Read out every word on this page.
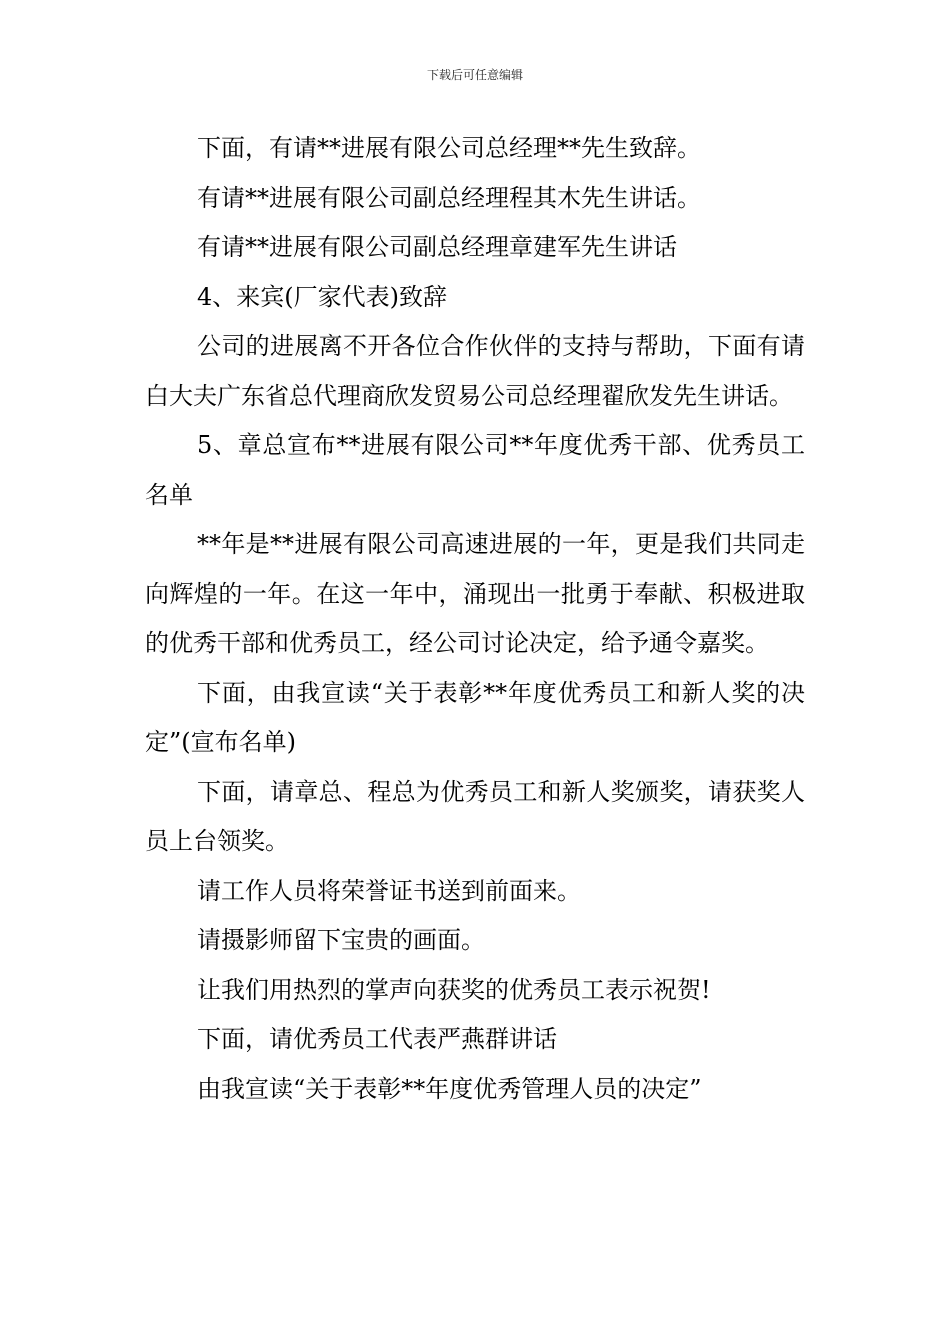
下载后可任意编辑

下面，有请**进展有限公司总经理**先生致辞。

有请**进展有限公司副总经理程其木先生讲话。

有请**进展有限公司副总经理章建军先生讲话

4、来宾(厂家代表)致辞

公司的进展离不开各位合作伙伴的支持与帮助，下面有请白大夫广东省总代理商欣发贸易公司总经理翟欣发先生讲话。

5、章总宣布**进展有限公司**年度优秀干部、优秀员工名单

**年是**进展有限公司高速进展的一年，更是我们共同走向辉煌的一年。在这一年中，涌现出一批勇于奉献、积极进取的优秀干部和优秀员工，经公司讨论决定，给予通令嘉奖。

下面，由我宣读“关于表彰**年度优秀员工和新人奖的决定”(宣布名单)

下面，请章总、程总为优秀员工和新人奖颁奖，请获奖人员上台领奖。

请工作人员将荣誉证书送到前面来。

请摄影师留下宝贵的画面。

让我们用热烈的掌声向获奖的优秀员工表示祝贺!

下面，请优秀员工代表严燕群讲话

由我宣读“关于表彰**年度优秀管理人员的决定”
